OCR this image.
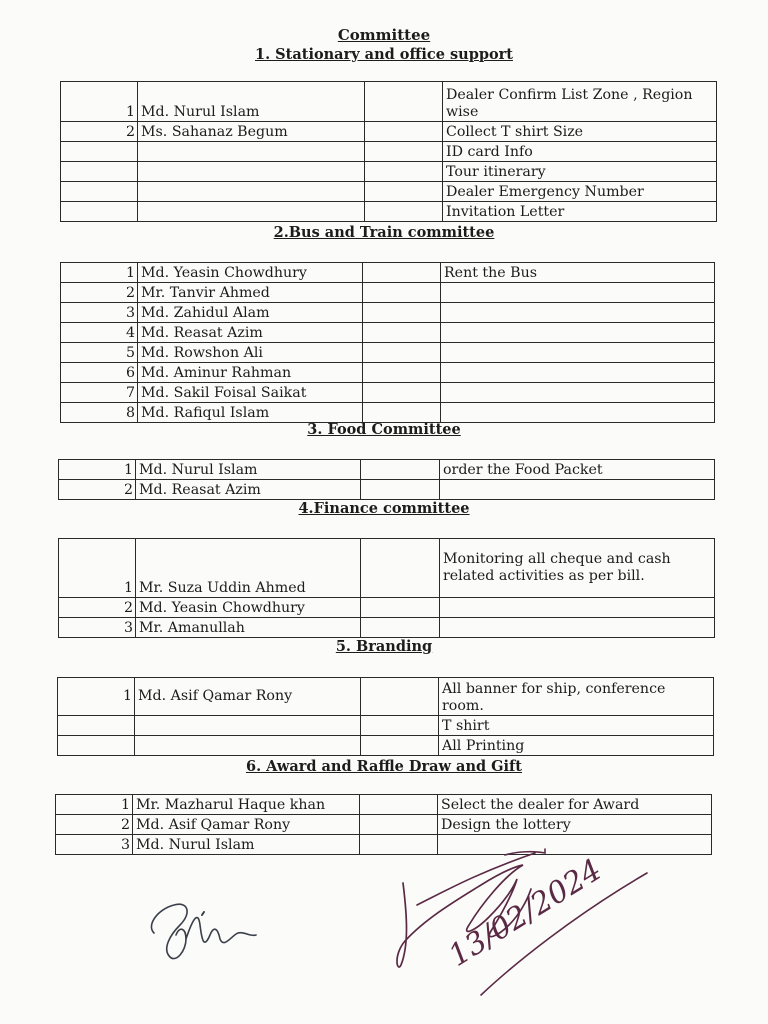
Committee
1. Stationary and office support
1	Md. Nurul Islam		Dealer Confirm List Zone , Region wise
2	Ms. Sahanaz Begum		Collect T shirt Size
			ID card Info
			Tour itinerary
			Dealer Emergency Number
			Invitation Letter
2.Bus and Train committee
1	Md. Yeasin Chowdhury		Rent the Bus
2	Mr. Tanvir Ahmed		
3	Md. Zahidul Alam		
4	Md. Reasat Azim		
5	Md. Rowshon Ali		
6	Md. Aminur Rahman		
7	Md. Sakil Foisal Saikat		
8	Md. Rafiqul Islam		
3. Food Committee
1	Md. Nurul Islam		order the Food Packet
2	Md. Reasat Azim		
4.Finance committee
1	Mr. Suza Uddin Ahmed		Monitoring all cheque and cash related activities as per bill.
2	Md. Yeasin Chowdhury		
3	Mr. Amanullah		
5. Branding
1	Md. Asif Qamar Rony		All banner for ship, conference room.
			T shirt
			All Printing
6. Award and Raffle Draw and Gift
1	Mr. Mazharul Haque khan		Select the dealer for Award
2	Md. Asif Qamar Rony		Design the lottery
3	Md. Nurul Islam		
13/02/2024
